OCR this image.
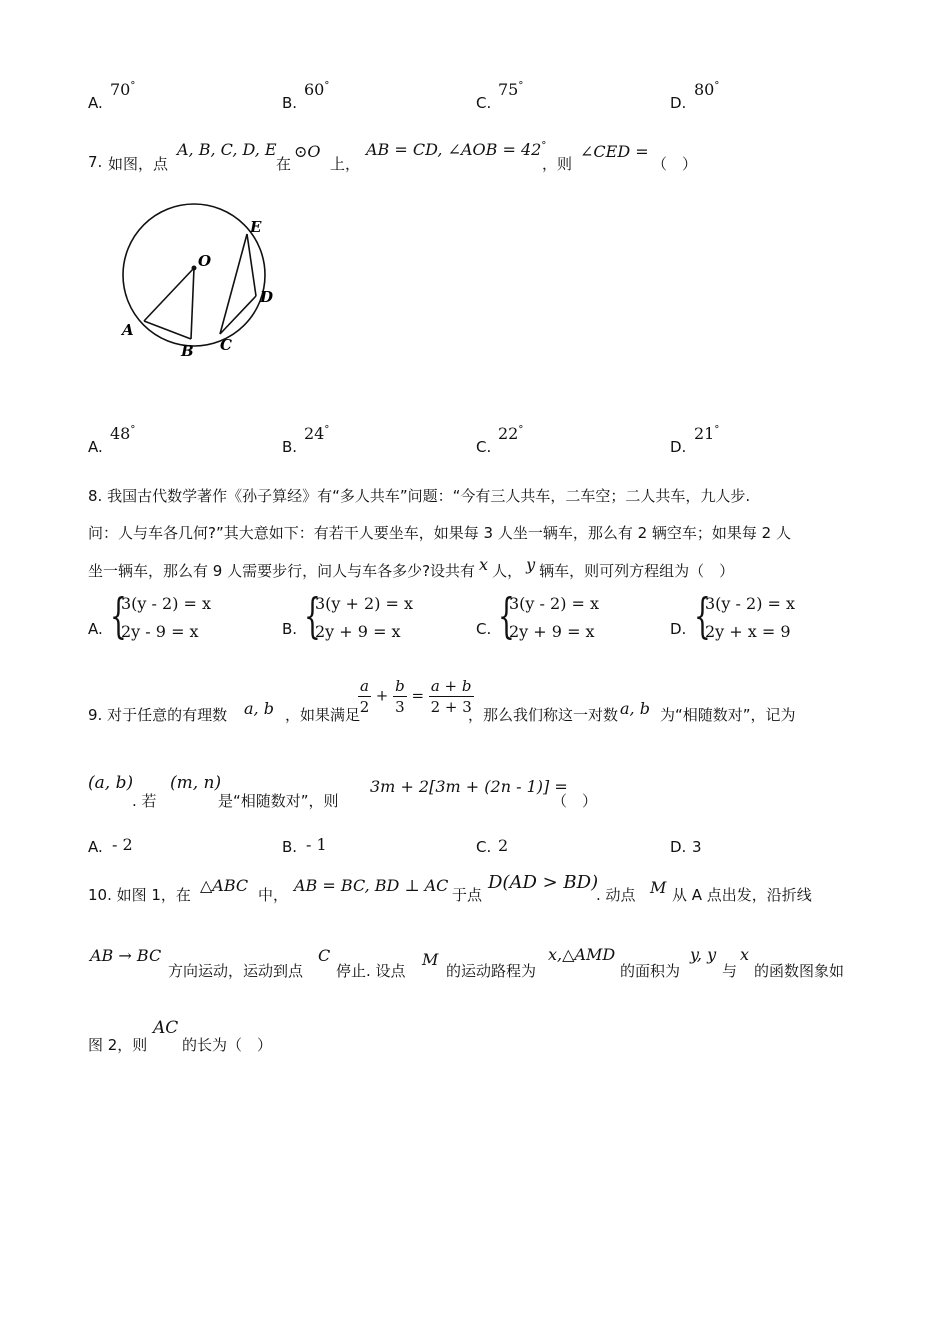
A.
70°
B.
60°
C.
75°
D.
80°
7. 如图，点
A, B, C, D, E
在
⊙O
上，
AB = CD, ∠AOB = 42°
，则
∠CED =
（　）
O
E
D
C
B
A
A.
48°
B.
24°
C.
22°
D.
21°
8. 我国古代数学著作《孙子算经》有“多人共车”问题：“今有三人共车，二车空；二人共车，九人步.
问：人与车各几何?”其大意如下：有若干人要坐车，如果每 3 人坐一辆车，那么有 2 辆空车；如果每 2 人
坐一辆车，那么有 9 人需要步行，问人与车各多少?设共有 x 人， y 辆车，则可列方程组为（　）
A. {
3(y - 2) = x
2y - 9 = x	B. {
3(y + 2) = x
2y + 9 = x	C. {
3(y - 2) = x
2y + 9 = x	D. {
3(y - 2) = x
2y + x = 9
9. 对于任意的有理数 a, b ，如果满足
$\frac{a}{2} + \frac{b}{3} = \frac{a + b}{2 + 3}$
，那么我们称这一对数 a, b 为“相随数对”，记为
(a, b)
. 若
(m, n)
是“相随数对”，则
3m + 2[3m + (2n - 1)] =
（　）
A. - 2	B. - 1	C. 2	D. 3
10. 如图 1，在 △ABC 中， AB = BC, BD ⊥ AC 于点
D(AD > BD)
. 动点 M 从 A 点出发，沿折线
AB → BC
方向运动，运动到点
C
停止. 设点
M
的运动路程为
x,△AMD
的面积为
y, y
与
x
的函数图象如
图 2，则
AC
的长为（　）
